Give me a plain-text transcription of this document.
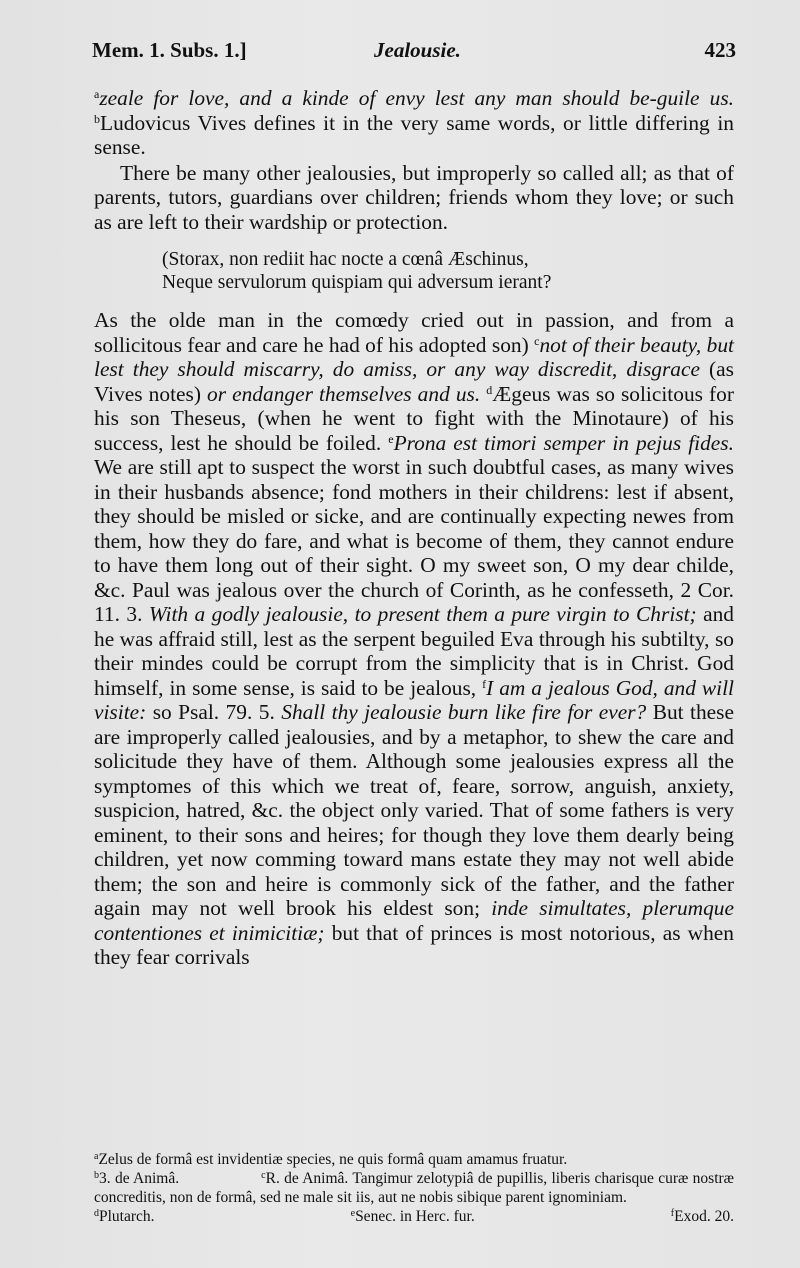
Mem. 1. Subs. 1.]	Jealousie.	423

$^a$zeale for love, and a kinde of envy lest any man should be-guile us. $^b$Ludovicus Vives defines it in the very same words, or little differing in sense.

There be many other jealousies, but improperly so called all; as that of parents, tutors, guardians over children; friends whom they love; or such as are left to their wardship or protection.

(Storax, non rediit hac nocte a cœnâ Æschinus,
Neque servulorum quispiam qui adversum ierant?

As the olde man in the comœdy cried out in passion, and from a sollicitous fear and care he had of his adopted son) $^c$not of their beauty, but lest they should miscarry, do amiss, or any way discredit, disgrace (as Vives notes) or endanger themselves and us. $^d$Ægeus was so solicitous for his son Theseus, (when he went to fight with the Minotaure) of his success, lest he should be foiled. $^e$Prona est timori semper in pejus fides. We are still apt to suspect the worst in such doubtful cases, as many wives in their husbands absence; fond mothers in their childrens: lest if absent, they should be misled or sicke, and are continually expecting newes from them, how they do fare, and what is become of them, they cannot endure to have them long out of their sight. O my sweet son, O my dear childe, &c. Paul was jealous over the church of Corinth, as he confesseth, 2 Cor. 11. 3. With a godly jealousie, to present them a pure virgin to Christ; and he was affraid still, lest as the serpent beguiled Eva through his subtilty, so their mindes could be corrupt from the simplicity that is in Christ. God himself, in some sense, is said to be jealous, $^f$I am a jealous God, and will visite: so Psal. 79. 5. Shall thy jealousie burn like fire for ever? But these are improperly called jealousies, and by a metaphor, to shew the care and solicitude they have of them. Although some jealousies express all the symptomes of this which we treat of, feare, sorrow, anguish, anxiety, suspicion, hatred, &c. the object only varied. That of some fathers is very eminent, to their sons and heires; for though they love them dearly being children, yet now comming toward mans estate they may not well abide them; the son and heire is commonly sick of the father, and the father again may not well brook his eldest son; inde simultates, plerumque contentiones et inimicitiæ; but that of princes is most notorious, as when they fear corrivals

$^a$Zelus de formâ est invidentiæ species, ne quis formâ quam amamus fruatur.
$^b$3. de Animâ.	$^c$R. de Animâ. Tangimur zelotypiâ de pupillis, liberis charisque curæ nostræ concreditis, non de formâ, sed ne male sit iis, aut ne nobis sibique parent ignominiam.
$^d$Plutarch.	$^e$Senec. in Herc. fur.	$^f$Exod. 20.
